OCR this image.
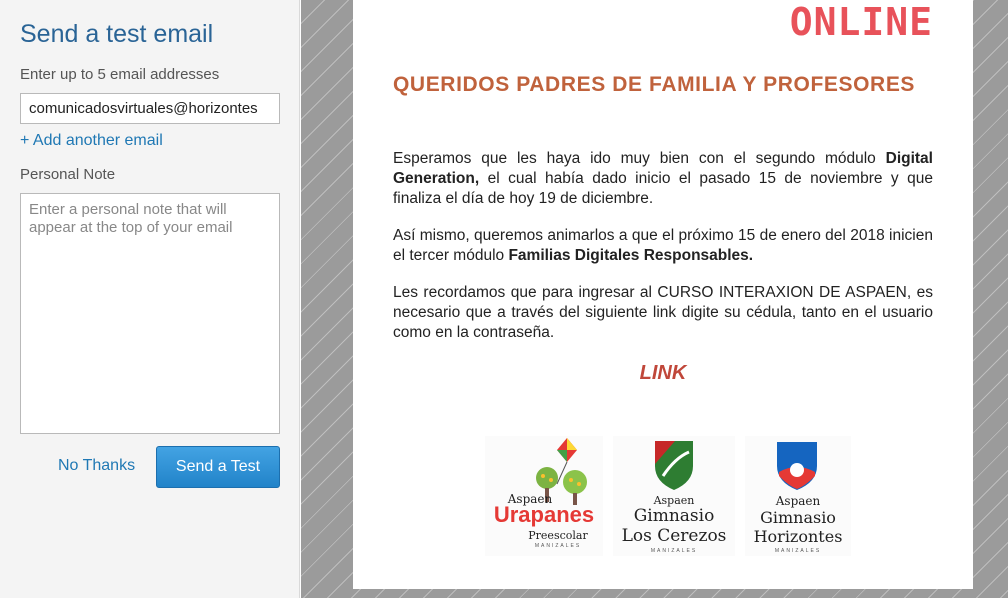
Send a test email
Enter up to 5 email addresses
comunicadosvirtuales@horizontes
+ Add another email
Personal Note
Enter a personal note that will appear at the top of your email
No Thanks	Send a Test
ONLINE
QUERIDOS PADRES DE FAMILIA Y PROFESORES

Esperamos que les haya ido muy bien con el segundo módulo Digital Generation, el cual había dado inicio el pasado 15 de noviembre y que finaliza el día de hoy 19 de diciembre.

Así mismo, queremos animarlos a que el próximo 15 de enero del 2018 inicien el tercer módulo Familias Digitales Responsables.

Les recordamos que para ingresar al CURSO INTERAXION DE ASPAEN, es necesario que a través del siguiente link digite su cédula, tanto en el usuario como en la contraseña.

LINK
Aspaen
Urapanes
Preescolar
MANIZALES
Aspaen
Gimnasio
Los Cerezos
MANIZALES
Aspaen
Gimnasio
Horizontes
MANIZALES
